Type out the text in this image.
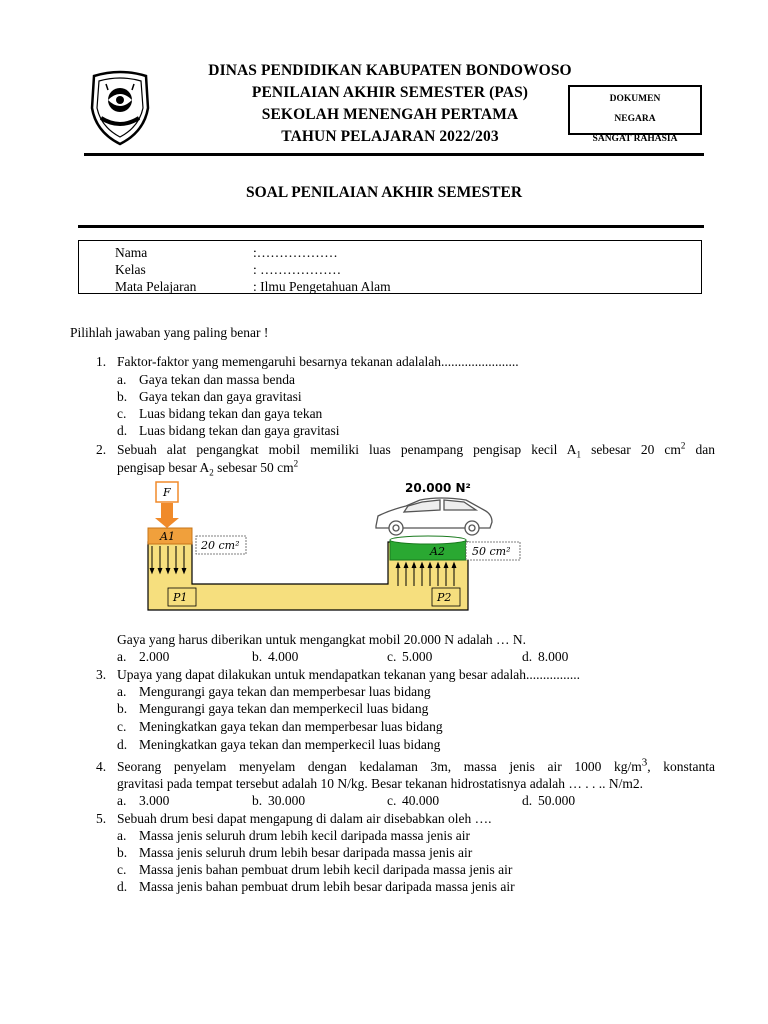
DINAS PENDIDIKAN KABUPATEN BONDOWOSO
PENILAIAN AKHIR SEMESTER (PAS)
SEKOLAH MENENGAH PERTAMA
TAHUN PELAJARAN 2022/203
DOKUMEN
NEGARA
SANGAT RAHASIA
SOAL PENILAIAN AKHIR SEMESTER
Nama	:………………
Kelas	: ………………
Mata Pelajaran	: Ilmu Pengetahuan Alam
Pilihlah jawaban yang paling benar !
1. Faktor-faktor yang memengaruhi besarnya tekanan adalalah.......................
a. Gaya tekan dan massa benda
b. Gaya tekan dan gaya gravitasi
c. Luas bidang tekan dan gaya tekan
d. Luas bidang tekan dan gaya gravitasi
2. Sebuah alat pengangkat mobil memiliki luas penampang pengisap kecil $A_1$ sebesar 20 $cm^2$ dan
pengisap besar $A_2$ sebesar 50 $cm^2$
F
A1
20 cm²	A2 50 cm²
20.000 N²
P1	P2
Gaya yang harus diberikan untuk mengangkat mobil 20.000 N adalah … N.
a. 2.000	b. 4.000	c. 5.000	d. 8.000
3. Upaya yang dapat dilakukan untuk mendapatkan tekanan yang besar adalah................
a. Mengurangi gaya tekan dan memperbesar luas bidang
b. Mengurangi gaya tekan dan memperkecil luas bidang
c. Meningkatkan gaya tekan dan memperbesar luas bidang
d. Meningkatkan gaya tekan dan memperkecil luas bidang
4. Seorang penyelam menyelam dengan kedalaman 3m, massa jenis air 1000 $kg/m^3$, konstanta
gravitasi pada tempat tersebut adalah 10 N/kg. Besar tekanan hidrostatisnya adalah … . . .. N/m2.
a. 3.000	b. 30.000	c. 40.000	d. 50.000
5. Sebuah drum besi dapat mengapung di dalam air disebabkan oleh ….
a. Massa jenis seluruh drum lebih kecil daripada massa jenis air
b. Massa jenis seluruh drum lebih besar daripada massa jenis air
c. Massa jenis bahan pembuat drum lebih kecil daripada massa jenis air
d. Massa jenis bahan pembuat drum lebih besar daripada massa jenis air
